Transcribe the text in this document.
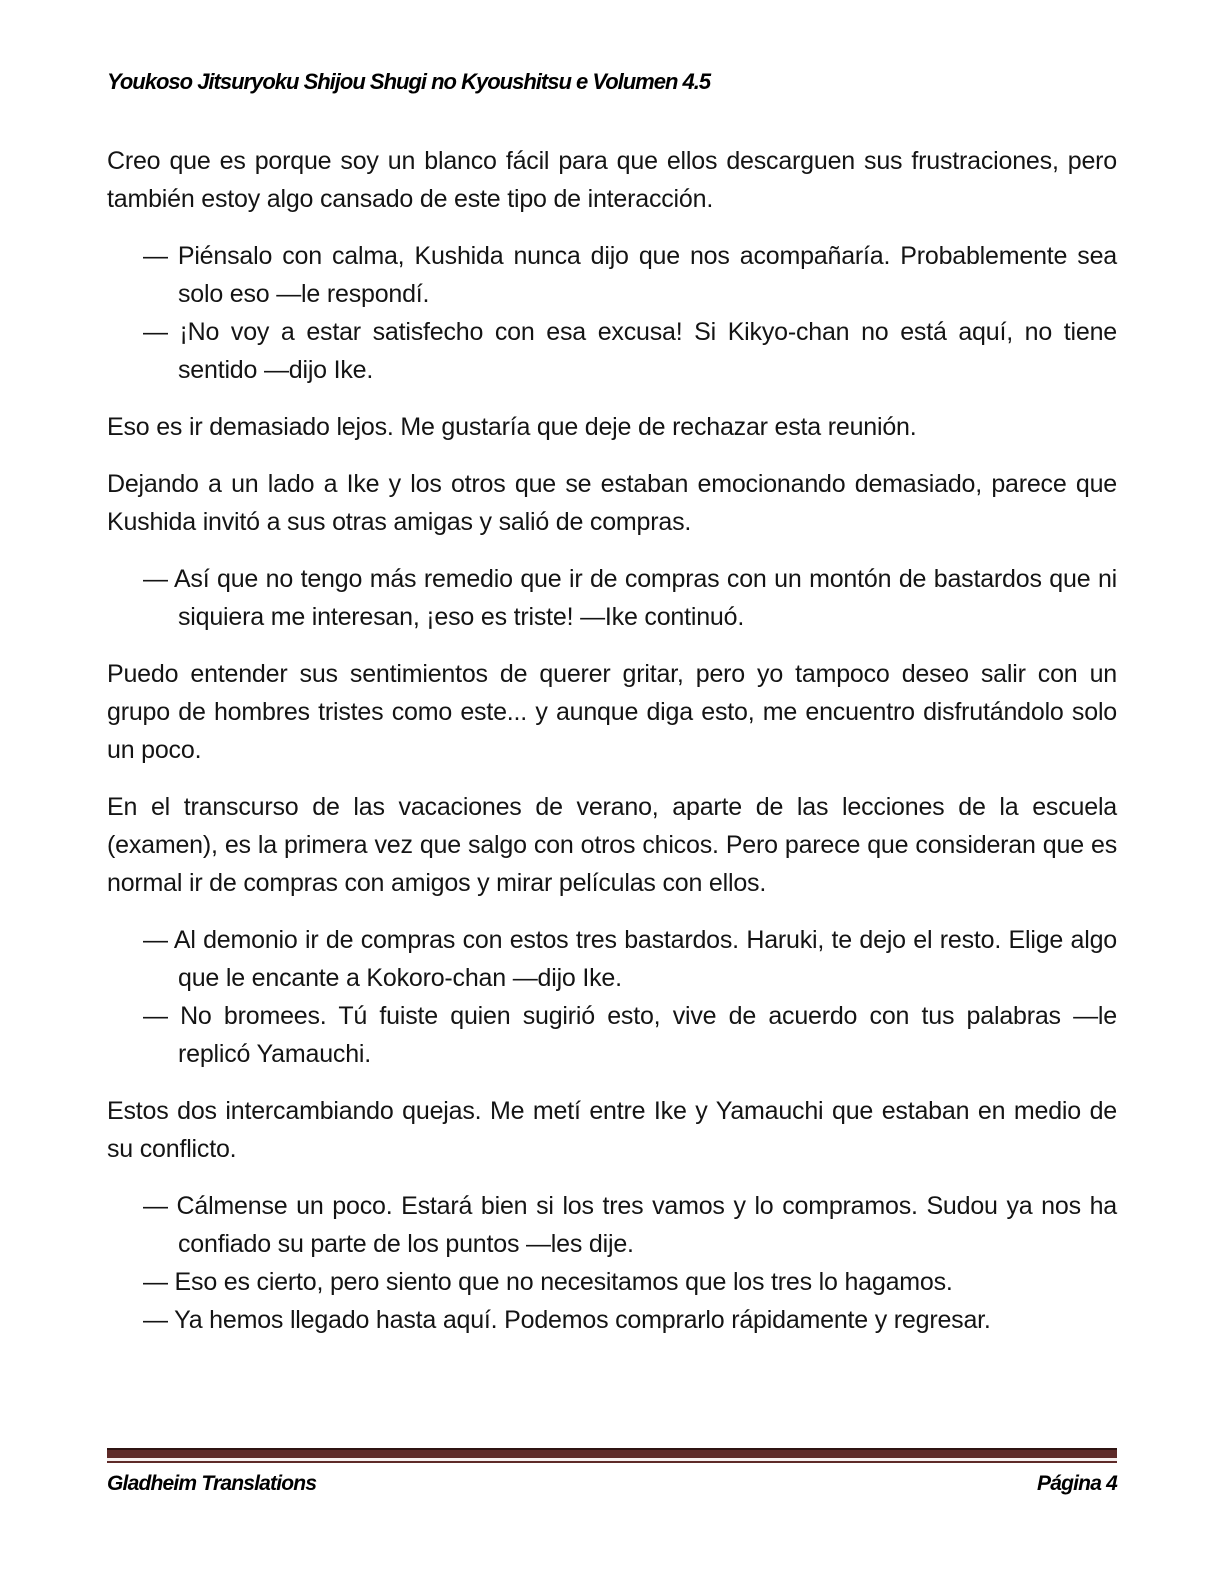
Youkoso Jitsuryoku Shijou Shugi no Kyoushitsu e Volumen 4.5

Creo que es porque soy un blanco fácil para que ellos descarguen sus frustraciones, pero también estoy algo cansado de este tipo de interacción.

— Piénsalo con calma, Kushida nunca dijo que nos acompañaría. Probablemente sea solo eso —le respondí.

— ¡No voy a estar satisfecho con esa excusa! Si Kikyo-chan no está aquí, no tiene sentido —dijo Ike.

Eso es ir demasiado lejos. Me gustaría que deje de rechazar esta reunión.

Dejando a un lado a Ike y los otros que se estaban emocionando demasiado, parece que Kushida invitó a sus otras amigas y salió de compras.

— Así que no tengo más remedio que ir de compras con un montón de bastardos que ni siquiera me interesan, ¡eso es triste! —Ike continuó.

Puedo entender sus sentimientos de querer gritar, pero yo tampoco deseo salir con un grupo de hombres tristes como este... y aunque diga esto, me encuentro disfrutándolo solo un poco.

En el transcurso de las vacaciones de verano, aparte de las lecciones de la escuela (examen), es la primera vez que salgo con otros chicos. Pero parece que consideran que es normal ir de compras con amigos y mirar películas con ellos.

— Al demonio ir de compras con estos tres bastardos. Haruki, te dejo el resto. Elige algo que le encante a Kokoro-chan —dijo Ike.

— No bromees. Tú fuiste quien sugirió esto, vive de acuerdo con tus palabras —le replicó Yamauchi.

Estos dos intercambiando quejas. Me metí entre Ike y Yamauchi que estaban en medio de su conflicto.

— Cálmense un poco. Estará bien si los tres vamos y lo compramos. Sudou ya nos ha confiado su parte de los puntos —les dije.

— Eso es cierto, pero siento que no necesitamos que los tres lo hagamos.

— Ya hemos llegado hasta aquí. Podemos comprarlo rápidamente y regresar.

Gladheim Translations	Página 4
